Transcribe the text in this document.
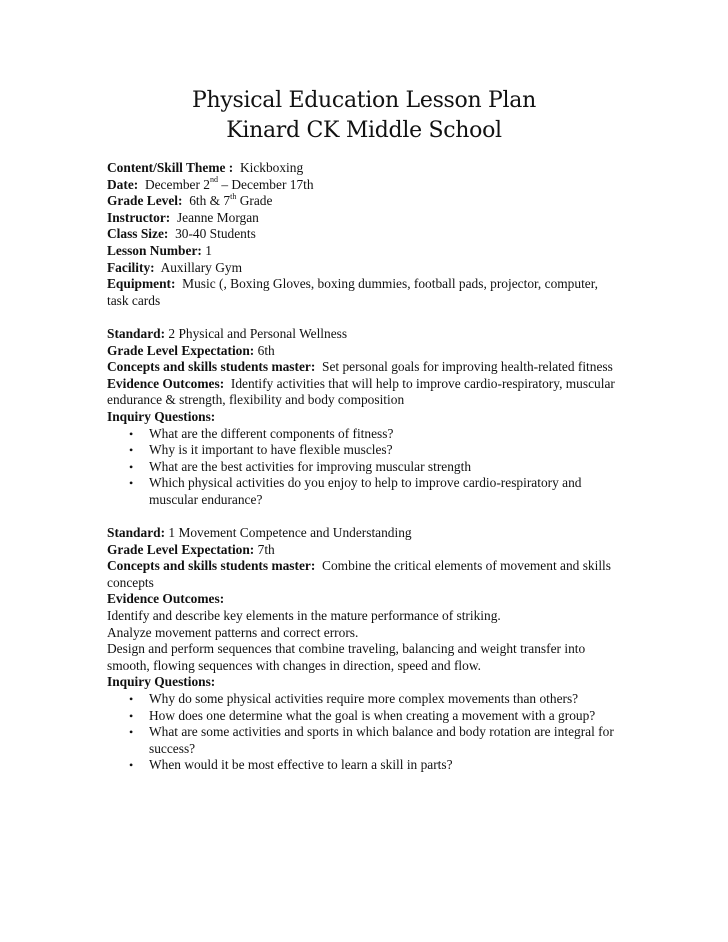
Physical Education Lesson Plan
Kinard CK Middle School
Content/Skill Theme : Kickboxing
Date: December 2nd – December 17th
Grade Level: 6th & 7th Grade
Instructor: Jeanne Morgan
Class Size: 30-40 Students
Lesson Number: 1
Facility: Auxillary Gym
Equipment: Music (, Boxing Gloves, boxing dummies, football pads, projector, computer, task cards
Standard: 2 Physical and Personal Wellness
Grade Level Expectation: 6th
Concepts and skills students master: Set personal goals for improving health-related fitness
Evidence Outcomes: Identify activities that will help to improve cardio-respiratory, muscular endurance & strength, flexibility and body composition
Inquiry Questions:
• What are the different components of fitness?
• Why is it important to have flexible muscles?
• What are the best activities for improving muscular strength
• Which physical activities do you enjoy to help to improve cardio-respiratory and muscular endurance?
Standard: 1 Movement Competence and Understanding
Grade Level Expectation: 7th
Concepts and skills students master: Combine the critical elements of movement and skills concepts
Evidence Outcomes:
Identify and describe key elements in the mature performance of striking.
Analyze movement patterns and correct errors.
Design and perform sequences that combine traveling, balancing and weight transfer into smooth, flowing sequences with changes in direction, speed and flow.
Inquiry Questions:
• Why do some physical activities require more complex movements than others?
• How does one determine what the goal is when creating a movement with a group?
• What are some activities and sports in which balance and body rotation are integral for success?
• When would it be most effective to learn a skill in parts?
